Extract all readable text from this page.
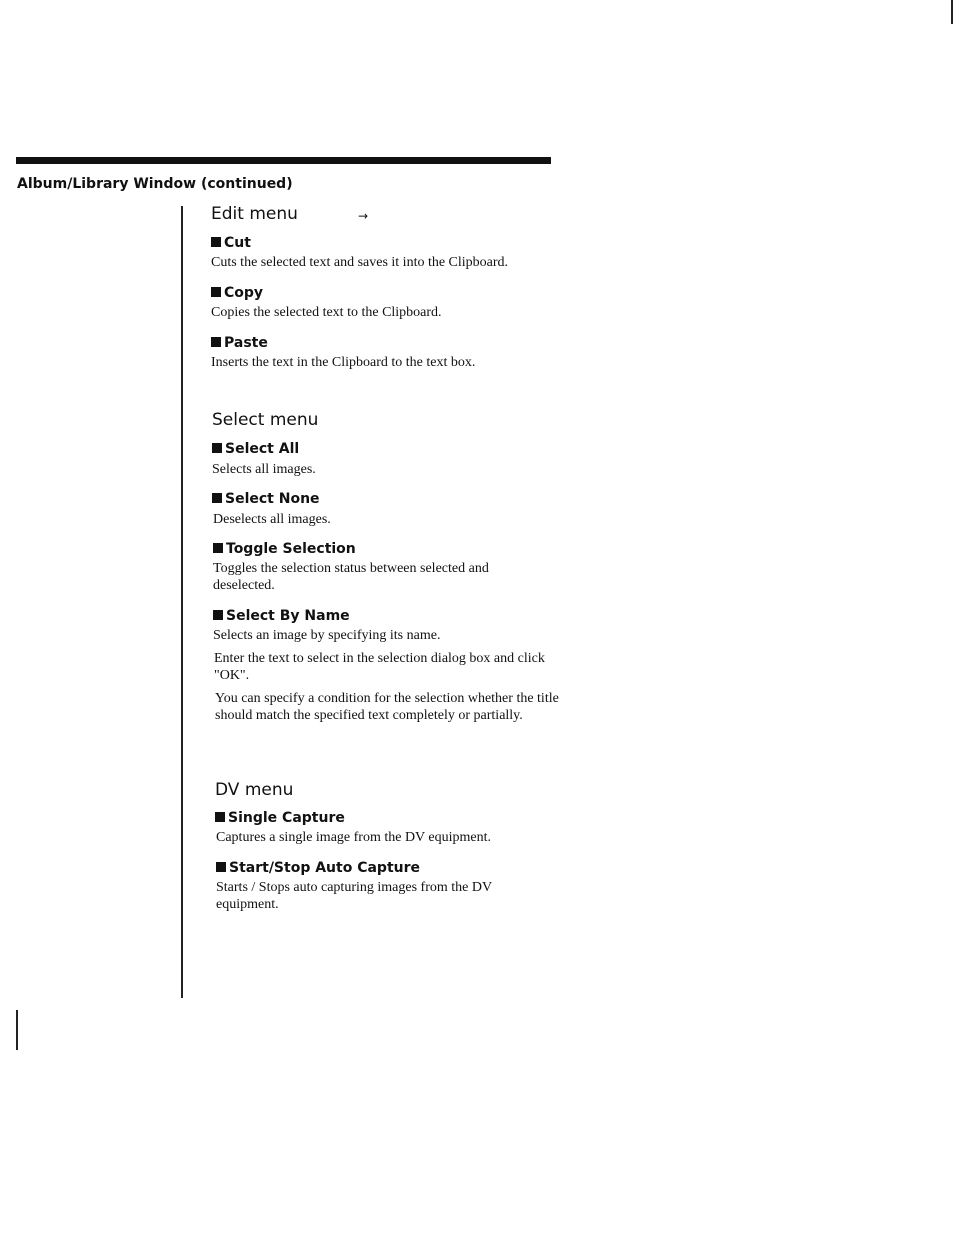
Album/Library Window (continued)
Edit menu	→
Cut
Cuts the selected text and saves it into the Clipboard.
Copy
Copies the selected text to the Clipboard.
Paste
Inserts the text in the Clipboard to the text box.
Select menu
Select All
Selects all images.
Select None
Deselects all images.
Toggle Selection
Toggles the selection status between selected and deselected.
Select By Name
Selects an image by specifying its name.
Enter the text to select in the selection dialog box and click "OK".
You can specify a condition for the selection whether the title should match the specified text completely or partially.
DV menu
Single Capture
Captures a single image from the DV equipment.
Start/Stop Auto Capture
Starts / Stops auto capturing images from the DV equipment.
